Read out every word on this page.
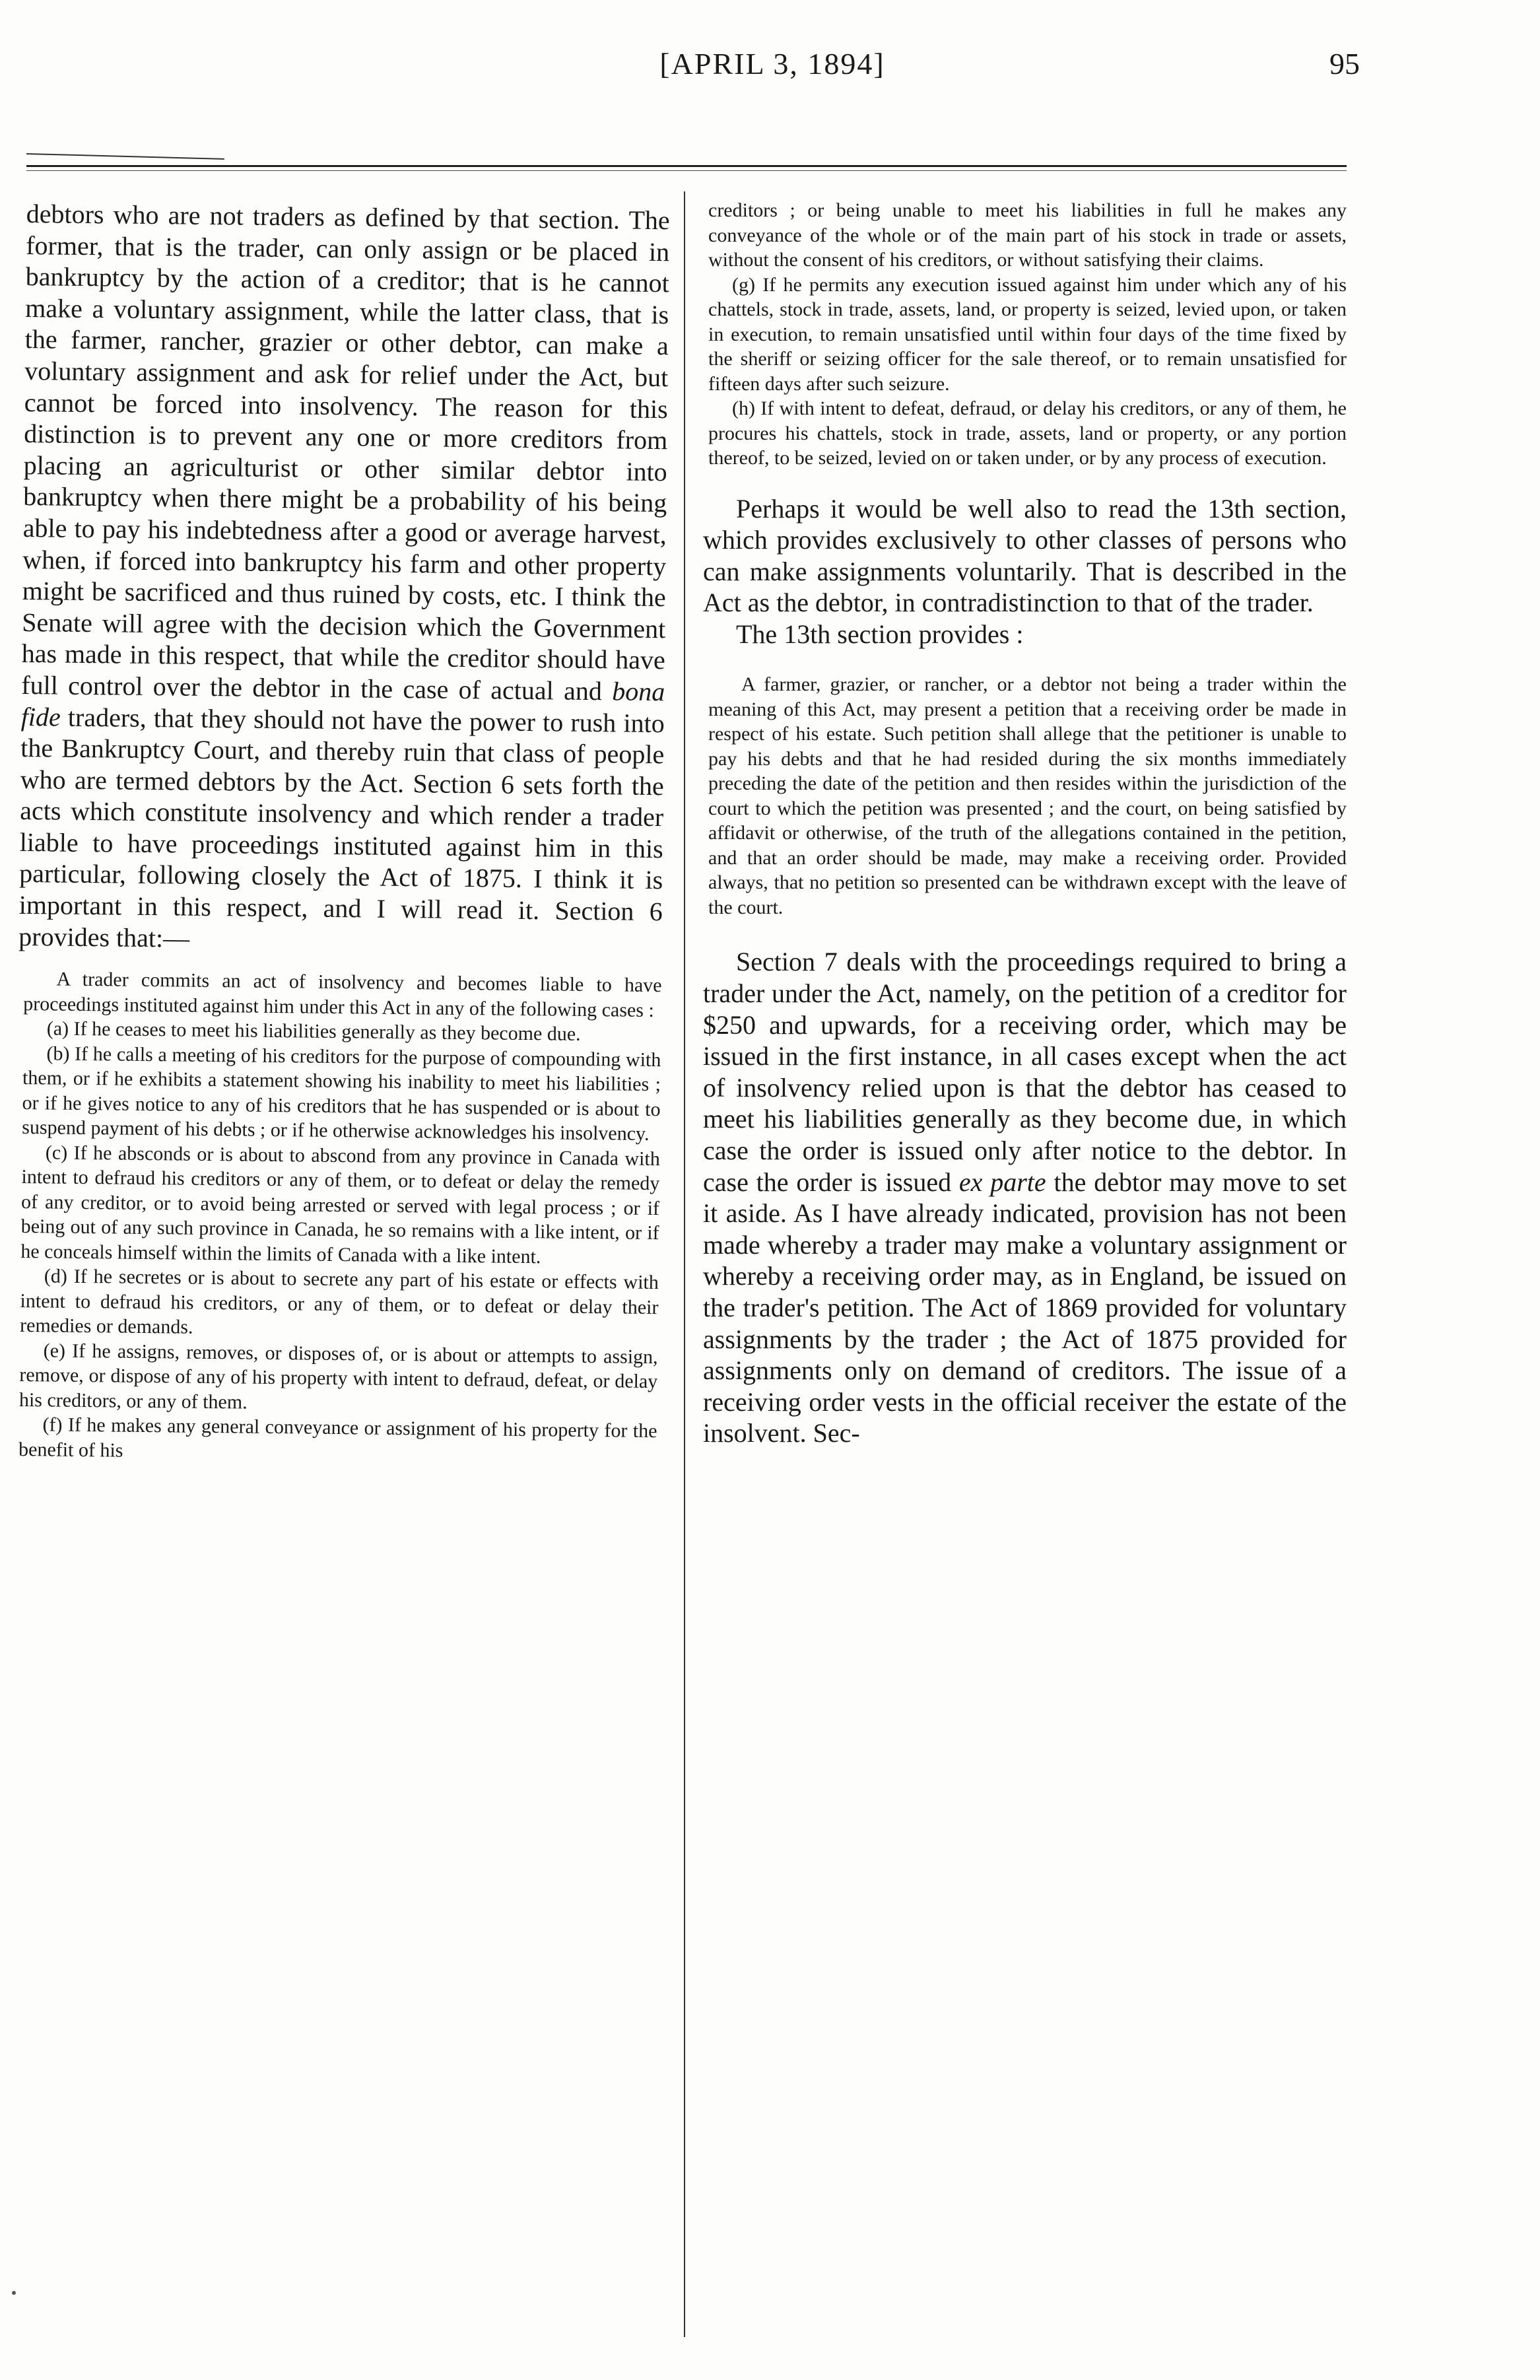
[APRIL 3, 1894]	95

debtors who are not traders as defined by that section. The former, that is the trader, can only assign or be placed in bankruptcy by the action of a creditor; that is he cannot make a voluntary assignment, while the latter class, that is the farmer, rancher, grazier or other debtor, can make a voluntary assignment and ask for relief under the Act, but cannot be forced into insolvency. The reason for this distinction is to prevent any one or more creditors from placing an agriculturist or other similar debtor into bankruptcy when there might be a probability of his being able to pay his indebtedness after a good or average harvest, when, if forced into bankruptcy his farm and other property might be sacrificed and thus ruined by costs, etc. I think the Senate will agree with the decision which the Government has made in this respect, that while the creditor should have full control over the debtor in the case of actual and bona fide traders, that they should not have the power to rush into the Bankruptcy Court, and thereby ruin that class of people who are termed debtors by the Act. Section 6 sets forth the acts which constitute insolvency and which render a trader liable to have proceedings instituted against him in this particular, following closely the Act of 1875. I think it is important in this respect, and I will read it. Section 6 provides that:—

A trader commits an act of insolvency and becomes liable to have proceedings instituted against him under this Act in any of the following cases :

(a) If he ceases to meet his liabilities generally as they become due.

(b) If he calls a meeting of his creditors for the purpose of compounding with them, or if he exhibits a statement showing his inability to meet his liabilities ; or if he gives notice to any of his creditors that he has suspended or is about to suspend payment of his debts ; or if he otherwise acknowledges his insolvency.

(c) If he absconds or is about to abscond from any province in Canada with intent to defraud his creditors or any of them, or to defeat or delay the remedy of any creditor, or to avoid being arrested or served with legal process ; or if being out of any such province in Canada, he so remains with a like intent, or if he conceals himself within the limits of Canada with a like intent.

(d) If he secretes or is about to secrete any part of his estate or effects with intent to defraud his creditors, or any of them, or to defeat or delay their remedies or demands.

(e) If he assigns, removes, or disposes of, or is about or attempts to assign, remove, or dispose of any of his property with intent to defraud, defeat, or delay his creditors, or any of them.

(f) If he makes any general conveyance or assignment of his property for the benefit of his

creditors ; or being unable to meet his liabilities in full he makes any conveyance of the whole or of the main part of his stock in trade or assets, without the consent of his creditors, or without satisfying their claims.

(g) If he permits any execution issued against him under which any of his chattels, stock in trade, assets, land, or property is seized, levied upon, or taken in execution, to remain unsatisfied until within four days of the time fixed by the sheriff or seizing officer for the sale thereof, or to remain unsatisfied for fifteen days after such seizure.

(h) If with intent to defeat, defraud, or delay his creditors, or any of them, he procures his chattels, stock in trade, assets, land or property, or any portion thereof, to be seized, levied on or taken under, or by any process of execution.

Perhaps it would be well also to read the 13th section, which provides exclusively to other classes of persons who can make assignments voluntarily. That is described in the Act as the debtor, in contradistinction to that of the trader.

The 13th section provides :

A farmer, grazier, or rancher, or a debtor not being a trader within the meaning of this Act, may present a petition that a receiving order be made in respect of his estate. Such petition shall allege that the petitioner is unable to pay his debts and that he had resided during the six months immediately preceding the date of the petition and then resides within the jurisdiction of the court to which the petition was presented ; and the court, on being satisfied by affidavit or otherwise, of the truth of the allegations contained in the petition, and that an order should be made, may make a receiving order. Provided always, that no petition so presented can be withdrawn except with the leave of the court.

Section 7 deals with the proceedings required to bring a trader under the Act, namely, on the petition of a creditor for $250 and upwards, for a receiving order, which may be issued in the first instance, in all cases except when the act of insolvency relied upon is that the debtor has ceased to meet his liabilities generally as they become due, in which case the order is issued only after notice to the debtor. In case the order is issued ex parte the debtor may move to set it aside. As I have already indicated, provision has not been made whereby a trader may make a voluntary assignment or whereby a receiving order may, as in England, be issued on the trader's petition. The Act of 1869 provided for voluntary assignments by the trader ; the Act of 1875 provided for assignments only on demand of creditors. The issue of a receiving order vests in the official receiver the estate of the insolvent. Sec-
